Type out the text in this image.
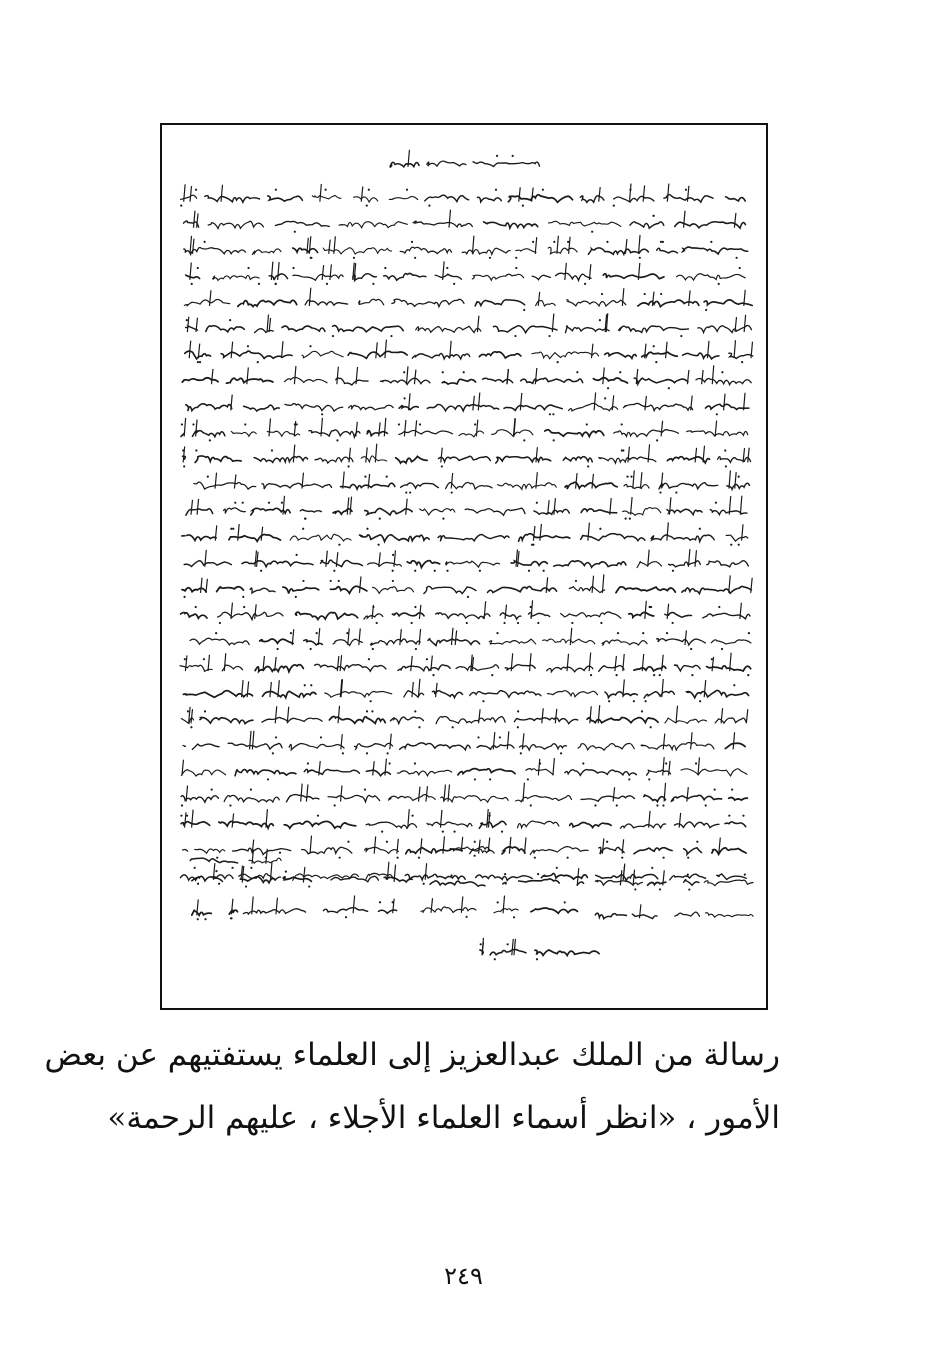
رسالة من الملك عبدالعزيز إلى العلماء يستفتيهم عن بعض
الأمور ، «انظر أسماء العلماء الأجلاء ، عليهم الرحمة»
٢٤٩
